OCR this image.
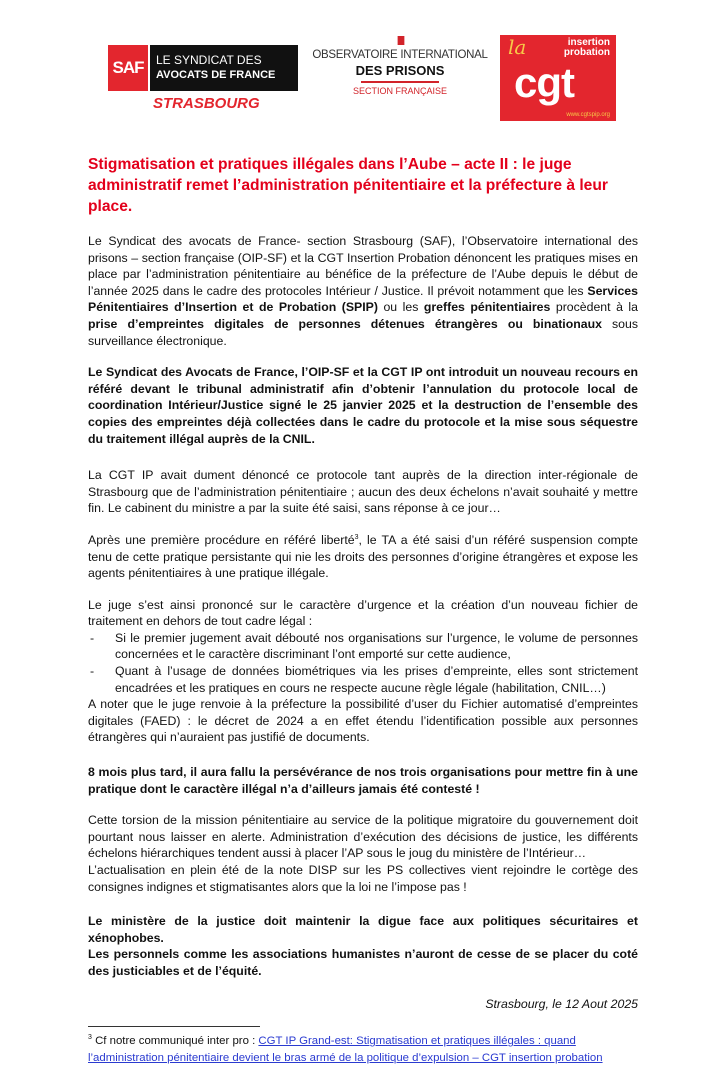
SAF	LE SYNDICAT DES
AVOCATS DE FRANCE
STRASBOURG
IIII
OBSERVATOIRE INTERNATIONAL
DES PRISONS
SECTION FRANÇAISE
insertion
probation
la
cgt
www.cgtspip.org
Stigmatisation et pratiques illégales dans l’Aube – acte II : le juge administratif remet l’administration pénitentiaire et la préfecture à leur place.

Le Syndicat des avocats de France- section Strasbourg (SAF), l’Observatoire international des prisons – section française (OIP-SF) et la CGT Insertion Probation dénoncent les pratiques mises en place par l’administration pénitentiaire au bénéfice de la préfecture de l’Aube depuis le début de l’année 2025 dans le cadre des protocoles Intérieur / Justice. Il prévoit notamment que les Services Pénitentiaires d’Insertion et de Probation (SPIP) ou les greffes pénitentiaires procèdent à la prise d’empreintes digitales de personnes détenues étrangères ou binationaux sous surveillance électronique.

Le Syndicat des Avocats de France, l’OIP-SF et la CGT IP ont introduit un nouveau recours en référé devant le tribunal administratif afin d’obtenir l’annulation du protocole local de coordination Intérieur/Justice signé le 25 janvier 2025 et la destruction de l’ensemble des copies des empreintes déjà collectées dans le cadre du protocole et la mise sous séquestre du traitement illégal auprès de la CNIL.

La CGT IP avait dument dénoncé ce protocole tant auprès de la direction inter-régionale de Strasbourg que de l’administration pénitentiaire ; aucun des deux échelons n’avait souhaité y mettre fin. Le cabinent du ministre a par la suite été saisi, sans réponse à ce jour…

Après une première procédure en référé liberté$^3$, le TA a été saisi d’un référé suspension compte tenu de cette pratique persistante qui nie les droits des personnes d’origine étrangères et expose les agents pénitentiaires à une pratique illégale.

Le juge s’est ainsi prononcé sur le caractère d’urgence et la création d’un nouveau fichier de traitement en dehors de tout cadre légal :

- Si le premier jugement avait débouté nos organisations sur l’urgence, le volume de personnes concernées et le caractère discriminant l’ont emporté sur cette audience,
- Quant à l’usage de données biométriques via les prises d’empreinte, elles sont strictement encadrées et les pratiques en cours ne respecte aucune règle légale (habilitation, CNIL…)

A noter que le juge renvoie à la préfecture la possibilité d’user du Fichier automatisé d’empreintes digitales (FAED) : le décret de 2024 a en effet étendu l’identification possible aux personnes étrangères qui n’auraient pas justifié de documents.

8 mois plus tard, il aura fallu la persévérance de nos trois organisations pour mettre fin à une pratique dont le caractère illégal n’a d’ailleurs jamais été contesté !

Cette torsion de la mission pénitentiaire au service de la politique migratoire du gouvernement doit pourtant nous laisser en alerte. Administration d’exécution des décisions de justice, les différents échelons hiérarchiques tendent aussi à placer l’AP sous le joug du ministère de l’Intérieur…

L’actualisation en plein été de la note DISP sur les PS collectives vient rejoindre le cortège des consignes indignes et stigmatisantes alors que la loi ne l’impose pas !

Le ministère de la justice doit maintenir la digue face aux politiques sécuritaires et xénophobes.

Les personnels comme les associations humanistes n’auront de cesse de se placer du coté des justiciables et de l’équité.

Strasbourg, le 12 Aout 2025
$^3$ Cf notre communiqué inter pro : CGT IP Grand-est: Stigmatisation et pratiques illégales : quand l’administration pénitentiaire devient le bras armé de la politique d’expulsion – CGT insertion probation
